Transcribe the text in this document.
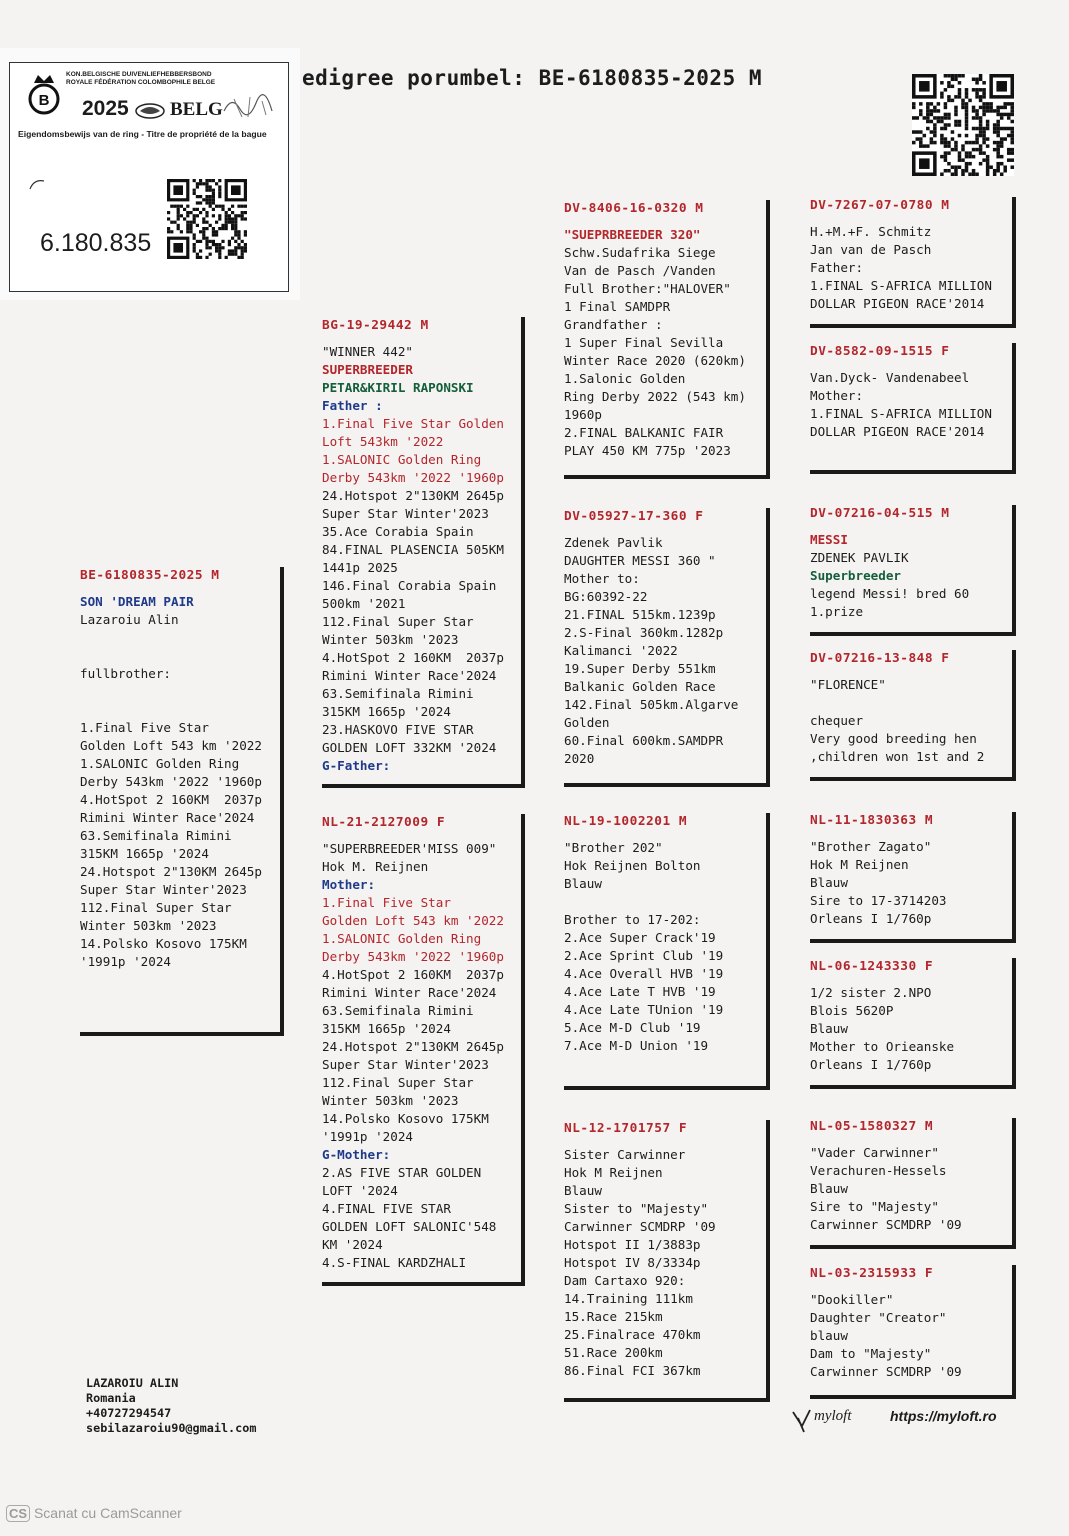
B
KON.BELGISCHE DUIVENLIEFHEBBERSBOND
ROYALE FÉDÉRATION COLOMBOPHILE BELGE
2025 BELG
Eigendomsbewijs van de ring - Titre de propriété de la bague
6.180.835
edigree porumbel: BE-6180835-2025 M
BE-6180835-2025 M
SON 'DREAM PAIR
Lazaroiu Alin

fullbrother:

1.Final Five Star
Golden Loft 543 km '2022
1.SALONIC Golden Ring
Derby 543km '2022 '1960p
4.HotSpot 2 160KM  2037p
Rimini Winter Race'2024
63.Semifinala Rimini
315KM 1665p '2024
24.Hotspot 2"130KM 2645p
Super Star Winter'2023
112.Final Super Star
Winter 503km '2023
14.Polsko Kosovo 175KM
'1991p '2024
BG-19-29442 M
"WINNER 442"
SUPERBREEDER
PETAR&KIRIL RAPONSKI
Father :
1.Final Five Star Golden
Loft 543km '2022
1.SALONIC Golden Ring
Derby 543km '2022 '1960p
24.Hotspot 2"130KM 2645p
Super Star Winter'2023
35.Ace Corabia Spain
84.FINAL PLASENCIA 505KM
1441p 2025
146.Final Corabia Spain
500km '2021
112.Final Super Star
Winter 503km '2023
4.HotSpot 2 160KM  2037p
Rimini Winter Race'2024
63.Semifinala Rimini
315KM 1665p '2024
23.HASKOVO FIVE STAR
GOLDEN LOFT 332KM '2024
G-Father:
NL-21-2127009 F
"SUPERBREEDER'MISS 009"
Hok M. Reijnen
Mother:
1.Final Five Star
Golden Loft 543 km '2022
1.SALONIC Golden Ring
Derby 543km '2022 '1960p
4.HotSpot 2 160KM  2037p
Rimini Winter Race'2024
63.Semifinala Rimini
315KM 1665p '2024
24.Hotspot 2"130KM 2645p
Super Star Winter'2023
112.Final Super Star
Winter 503km '2023
14.Polsko Kosovo 175KM
'1991p '2024
G-Mother:
2.AS FIVE STAR GOLDEN
LOFT '2024
4.FINAL FIVE STAR
GOLDEN LOFT SALONIC'548
KM '2024
4.S-FINAL KARDZHALI
DV-8406-16-0320 M
"SUEPRBREEDER 320"
Schw.Sudafrika Siege
Van de Pasch /Vanden
Full Brother:"HALOVER"
1 Final SAMDPR
Grandfather :
1 Super Final Sevilla
Winter Race 2020 (620km)
1.Salonic Golden
Ring Derby 2022 (543 km)
1960p
2.FINAL BALKANIC FAIR
PLAY 450 KM 775p '2023
DV-05927-17-360 F
Zdenek Pavlik
DAUGHTER MESSI 360 "
Mother to:
BG:60392-22
21.FINAL 515km.1239p
2.S-Final 360km.1282p
Kalimanci '2022
19.Super Derby 551km
Balkanic Golden Race
142.Final 505km.Algarve
Golden
60.Final 600km.SAMDPR
2020
NL-19-1002201 M
"Brother 202"
Hok Reijnen Bolton
Blauw

Brother to 17-202:
2.Ace Super Crack'19
2.Ace Sprint Club '19
4.Ace Overall HVB '19
4.Ace Late T HVB '19
4.Ace Late TUnion '19
5.Ace M-D Club '19
7.Ace M-D Union '19
NL-12-1701757 F
Sister Carwinner
Hok M Reijnen
Blauw
Sister to "Majesty"
Carwinner SCMDRP '09
Hotspot II 1/3883p
Hotspot IV 8/3334p
Dam Cartaxo 920:
14.Training 111km
15.Race 215km
25.Finalrace 470km
51.Race 200km
86.Final FCI 367km
DV-7267-07-0780 M
H.+M.+F. Schmitz
Jan van de Pasch
Father:
1.FINAL S-AFRICA MILLION
DOLLAR PIGEON RACE'2014
DV-8582-09-1515 F
Van.Dyck- Vandenabeel
Mother:
1.FINAL S-AFRICA MILLION
DOLLAR PIGEON RACE'2014
DV-07216-04-515 M
MESSI
ZDENEK PAVLIK
Superbreeder
legend Messi! bred 60
1.prize
DV-07216-13-848 F
"FLORENCE"

chequer
Very good breeding hen
,children won 1st and 2
NL-11-1830363 M
"Brother Zagato"
Hok M Reijnen
Blauw
Sire to 17-3714203
Orleans I 1/760p
NL-06-1243330 F
1/2 sister 2.NPO
Blois 5620P
Blauw
Mother to Orieanske
Orleans I 1/760p
NL-05-1580327 M
"Vader Carwinner"
Verachuren-Hessels
Blauw
Sire to "Majesty"
Carwinner SCMDRP '09
NL-03-2315933 F
"Dookiller"
Daughter "Creator"
blauw
Dam to "Majesty"
Carwinner SCMDRP '09
LAZAROIU ALIN
Romania
+40727294547
sebilazaroiu90@gmail.com
myloft	https://myloft.ro
CS Scanat cu CamScanner
